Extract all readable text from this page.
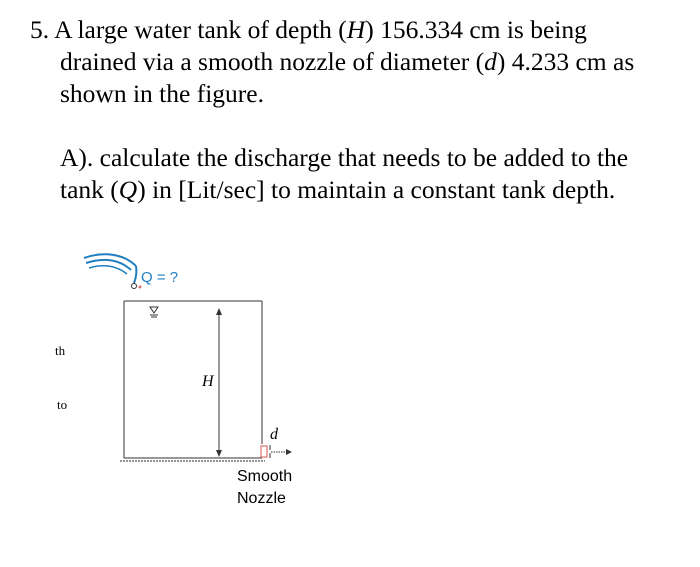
5. A large water tank of depth (H) 156.334 cm is being
drained via a smooth nozzle of diameter (d) 4.233 cm as
shown in the figure.
A). calculate the discharge that needs to be added to the
tank (Q) in [Lit/sec] to maintain a constant tank depth.
th
to
Q = ?
H
d
Smooth
Nozzle
